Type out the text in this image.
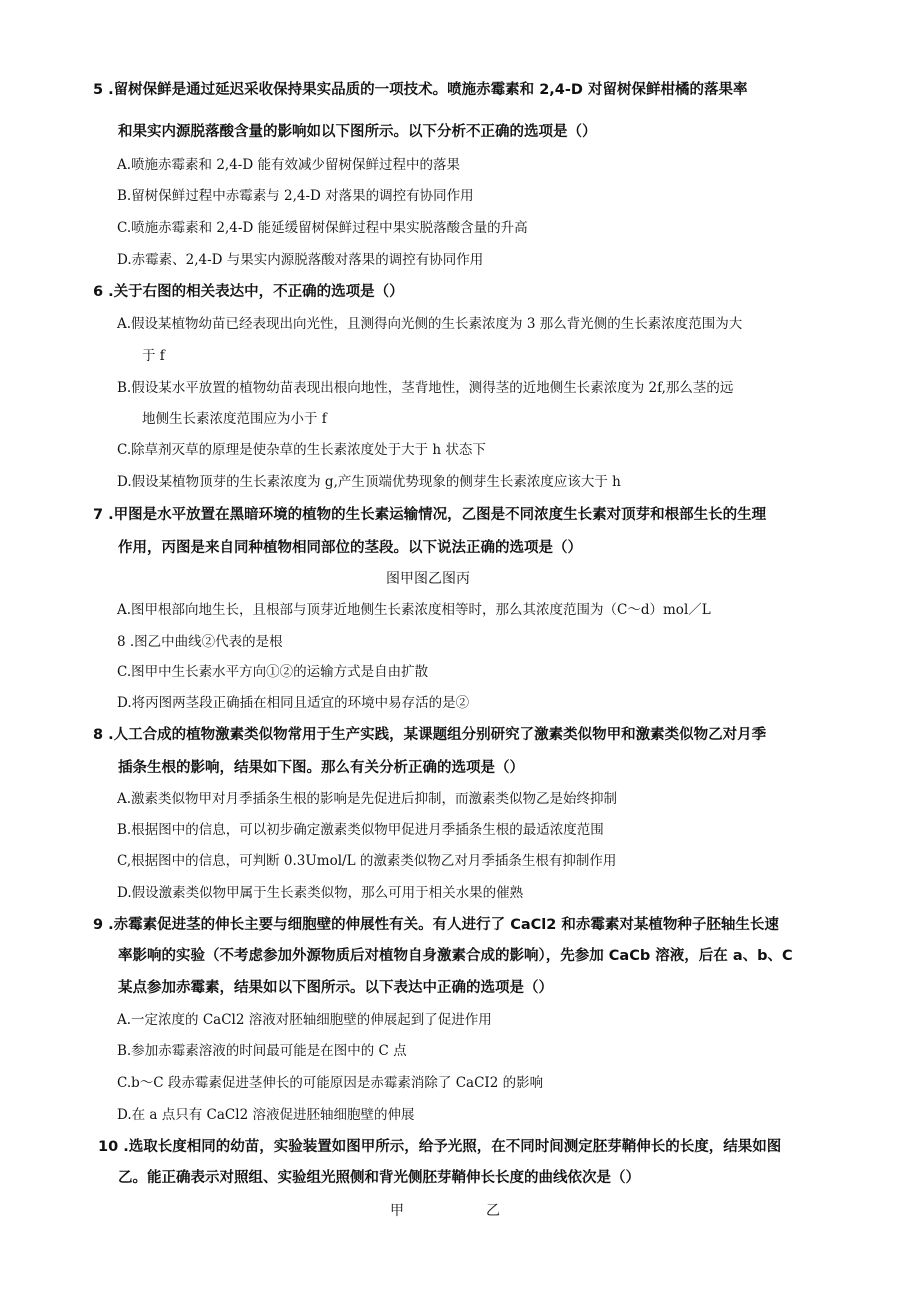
5 .留树保鲜是通过延迟采收保持果实品质的一项技术。喷施赤霉素和 2,4-D 对留树保鲜柑橘的落果率
和果实内源脱落酸含量的影响如以下图所示。以下分析不正确的选项是（）
A.喷施赤霉素和 2,4-D 能有效减少留树保鲜过程中的落果
B.留树保鲜过程中赤霉素与 2,4-D 对落果的调控有协同作用
C.喷施赤霉素和 2,4-D 能延缓留树保鲜过程中果实脱落酸含量的升高
D.赤霉素、2,4-D 与果实内源脱落酸对落果的调控有协同作用
6 .关于右图的相关表达中，不正确的选项是（）
A.假设某植物幼苗已经表现出向光性，且测得向光侧的生长素浓度为 3 那么背光侧的生长素浓度范围为大
于 f
B.假设某水平放置的植物幼苗表现出根向地性，茎背地性，测得茎的近地侧生长素浓度为 2f,那么茎的远
地侧生长素浓度范围应为小于 f
C.除草剂灭草的原理是使杂草的生长素浓度处于大于 h 状态下
D.假设某植物顶芽的生长素浓度为 g,产生顶端优势现象的侧芽生长素浓度应该大于 h
7 .甲图是水平放置在黑暗环境的植物的生长素运输情况，乙图是不同浓度生长素对顶芽和根部生长的生理
作用，丙图是来自同种植物相同部位的茎段。以下说法正确的选项是（）
图甲图乙图丙
A.图甲根部向地生长，且根部与顶芽近地侧生长素浓度相等时，那么其浓度范围为（C～d）mol／L
8 .图乙中曲线②代表的是根
C.图甲中生长素水平方向①②的运输方式是自由扩散
D.将丙图两茎段正确插在相同且适宜的环境中易存活的是②
8 .人工合成的植物激素类似物常用于生产实践，某课题组分别研究了激素类似物甲和激素类似物乙对月季
插条生根的影响，结果如下图。那么有关分析正确的选项是（）
A.激素类似物甲对月季插条生根的影响是先促进后抑制，而激素类似物乙是始终抑制
B.根据图中的信息，可以初步确定激素类似物甲促进月季插条生根的最适浓度范围
C,根据图中的信息，可判断 0.3Umol/L 的激素类似物乙对月季插条生根有抑制作用
D.假设激素类似物甲属于生长素类似物，那么可用于相关水果的催熟
9 .赤霉素促进茎的伸长主要与细胞壁的伸展性有关。有人进行了 CaCl2 和赤霉素对某植物种子胚轴生长速
率影响的实验（不考虑参加外源物质后对植物自身激素合成的影响），先参加 CaCb 溶液，后在 a、b、C
某点参加赤霉素，结果如以下图所示。以下表达中正确的选项是（）
A.一定浓度的 CaCl2 溶液对胚轴细胞壁的伸展起到了促进作用
B.参加赤霉素溶液的时间最可能是在图中的 C 点
C.b～C 段赤霉素促进茎伸长的可能原因是赤霉素消除了 CaCI2 的影响
D.在 a 点只有 CaCl2 溶液促进胚轴细胞壁的伸展
10 .选取长度相同的幼苗，实验装置如图甲所示，给予光照，在不同时间测定胚芽鞘伸长的长度，结果如图
乙。能正确表示对照组、实验组光照侧和背光侧胚芽鞘伸长长度的曲线依次是（）
甲	乙
